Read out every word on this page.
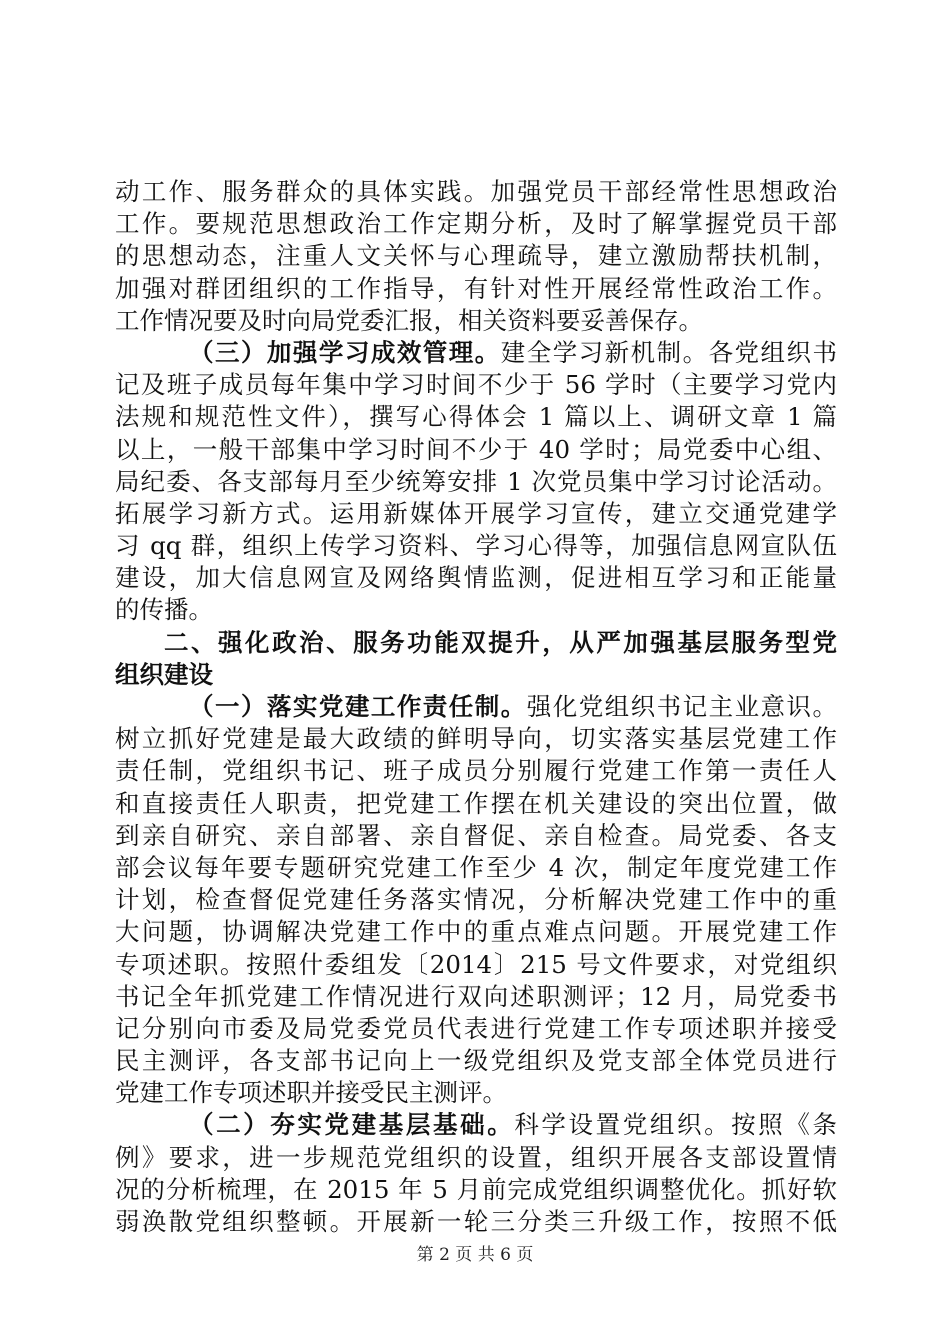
动工作、服务群众的具体实践。加强党员干部经常性思想政治
工作。要规范思想政治工作定期分析，及时了解掌握党员干部
的思想动态，注重人文关怀与心理疏导，建立激励帮扶机制，
加强对群团组织的工作指导，有针对性开展经常性政治工作。
工作情况要及时向局党委汇报，相关资料要妥善保存。
（三）加强学习成效管理。建全学习新机制。各党组织书
记及班子成员每年集中学习时间不少于 56 学时（主要学习党内
法规和规范性文件），撰写心得体会 1 篇以上、调研文章 1 篇
以上，一般干部集中学习时间不少于 40 学时；局党委中心组、
局纪委、各支部每月至少统筹安排 1 次党员集中学习讨论活动。
拓展学习新方式。运用新媒体开展学习宣传，建立交通党建学
习 qq 群，组织上传学习资料、学习心得等，加强信息网宣队伍
建设，加大信息网宣及网络舆情监测，促进相互学习和正能量
的传播。
二、强化政治、服务功能双提升，从严加强基层服务型党
组织建设
（一）落实党建工作责任制。强化党组织书记主业意识。
树立抓好党建是最大政绩的鲜明导向，切实落实基层党建工作
责任制，党组织书记、班子成员分别履行党建工作第一责任人
和直接责任人职责，把党建工作摆在机关建设的突出位置，做
到亲自研究、亲自部署、亲自督促、亲自检查。局党委、各支
部会议每年要专题研究党建工作至少 4 次，制定年度党建工作
计划，检查督促党建任务落实情况，分析解决党建工作中的重
大问题，协调解决党建工作中的重点难点问题。开展党建工作
专项述职。按照什委组发〔2014〕215 号文件要求，对党组织
书记全年抓党建工作情况进行双向述职测评；12 月，局党委书
记分别向市委及局党委党员代表进行党建工作专项述职并接受
民主测评，各支部书记向上一级党组织及党支部全体党员进行
党建工作专项述职并接受民主测评。
（二）夯实党建基层基础。科学设置党组织。按照《条
例》要求，进一步规范党组织的设置，组织开展各支部设置情
况的分析梳理，在 2015 年 5 月前完成党组织调整优化。抓好软
弱涣散党组织整顿。开展新一轮三分类三升级工作，按照不低
第 2 页 共 6 页
